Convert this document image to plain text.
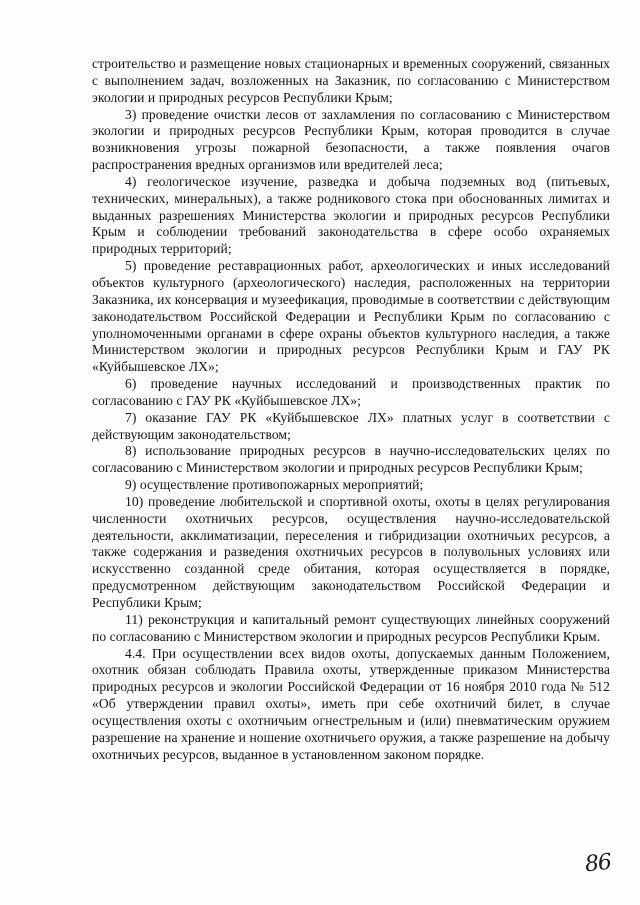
строительство и размещение новых стационарных и временных сооружений, связанных с выполнением задач, возложенных на Заказник, по согласованию с Министерством экологии и природных ресурсов Республики Крым;

3) проведение очистки лесов от захламления по согласованию с Министерством экологии и природных ресурсов Республики Крым, которая проводится в случае возникновения угрозы пожарной безопасности, а также появления очагов распространения вредных организмов или вредителей леса;

4) геологическое изучение, разведка и добыча подземных вод (питьевых, технических, минеральных), а также родникового стока при обоснованных лимитах и выданных разрешениях Министерства экологии и природных ресурсов Республики Крым и соблюдении требований законодательства в сфере особо охраняемых природных территорий;

5) проведение реставрационных работ, археологических и иных исследований объектов культурного (археологического) наследия, расположенных на территории Заказника, их консервация и музеефикация, проводимые в соответствии с действующим законодательством Российской Федерации и Республики Крым по согласованию с уполномоченными органами в сфере охраны объектов культурного наследия, а также Министерством экологии и природных ресурсов Республики Крым и ГАУ РК «Куйбышевское ЛХ»;

6) проведение научных исследований и производственных практик по согласованию с ГАУ РК «Куйбышевское ЛХ»;

7) оказание ГАУ РК «Куйбышевское ЛХ» платных услуг в соответствии с действующим законодательством;

8) использование природных ресурсов в научно-исследовательских целях по согласованию с Министерством экологии и природных ресурсов Республики Крым;

9) осуществление противопожарных мероприятий;

10) проведение любительской и спортивной охоты, охоты в целях регулирования численности охотничьих ресурсов, осуществления научно-исследовательской деятельности, акклиматизации, переселения и гибридизации охотничьих ресурсов, а также содержания и разведения охотничьих ресурсов в полувольных условиях или искусственно созданной среде обитания, которая осуществляется в порядке, предусмотренном действующим законодательством Российской Федерации и Республики Крым;

11) реконструкция и капитальный ремонт существующих линейных сооружений по согласованию с Министерством экологии и природных ресурсов Республики Крым.

4.4. При осуществлении всех видов охоты, допускаемых данным Положением, охотник обязан соблюдать Правила охоты, утвержденные приказом Министерства природных ресурсов и экологии Российской Федерации от 16 ноября 2010 года № 512 «Об утверждении правил охоты», иметь при себе охотничий билет, в случае осуществления охоты с охотничьим огнестрельным и (или) пневматическим оружием разрешение на хранение и ношение охотничьего оружия, а также разрешение на добычу охотничьих ресурсов, выданное в установленном законом порядке.

86
